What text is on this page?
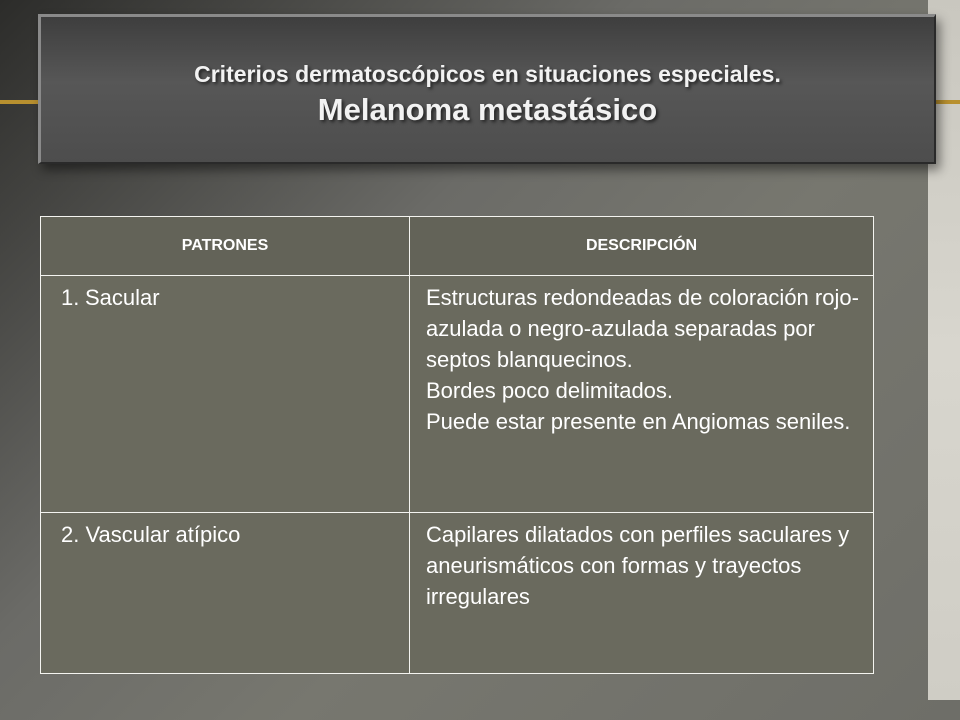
Criterios dermatoscópicos en situaciones especiales.
Melanoma metastásico
PATRONES	DESCRIPCIÓN
1. Sacular	Estructuras redondeadas de coloración rojo-azulada o negro-azulada separadas por septos blanquecinos.
Bordes poco delimitados.
Puede estar presente en Angiomas seniles.

2. Vascular atípico	Capilares dilatados con perfiles saculares y aneurismáticos con formas y trayectos irregulares
